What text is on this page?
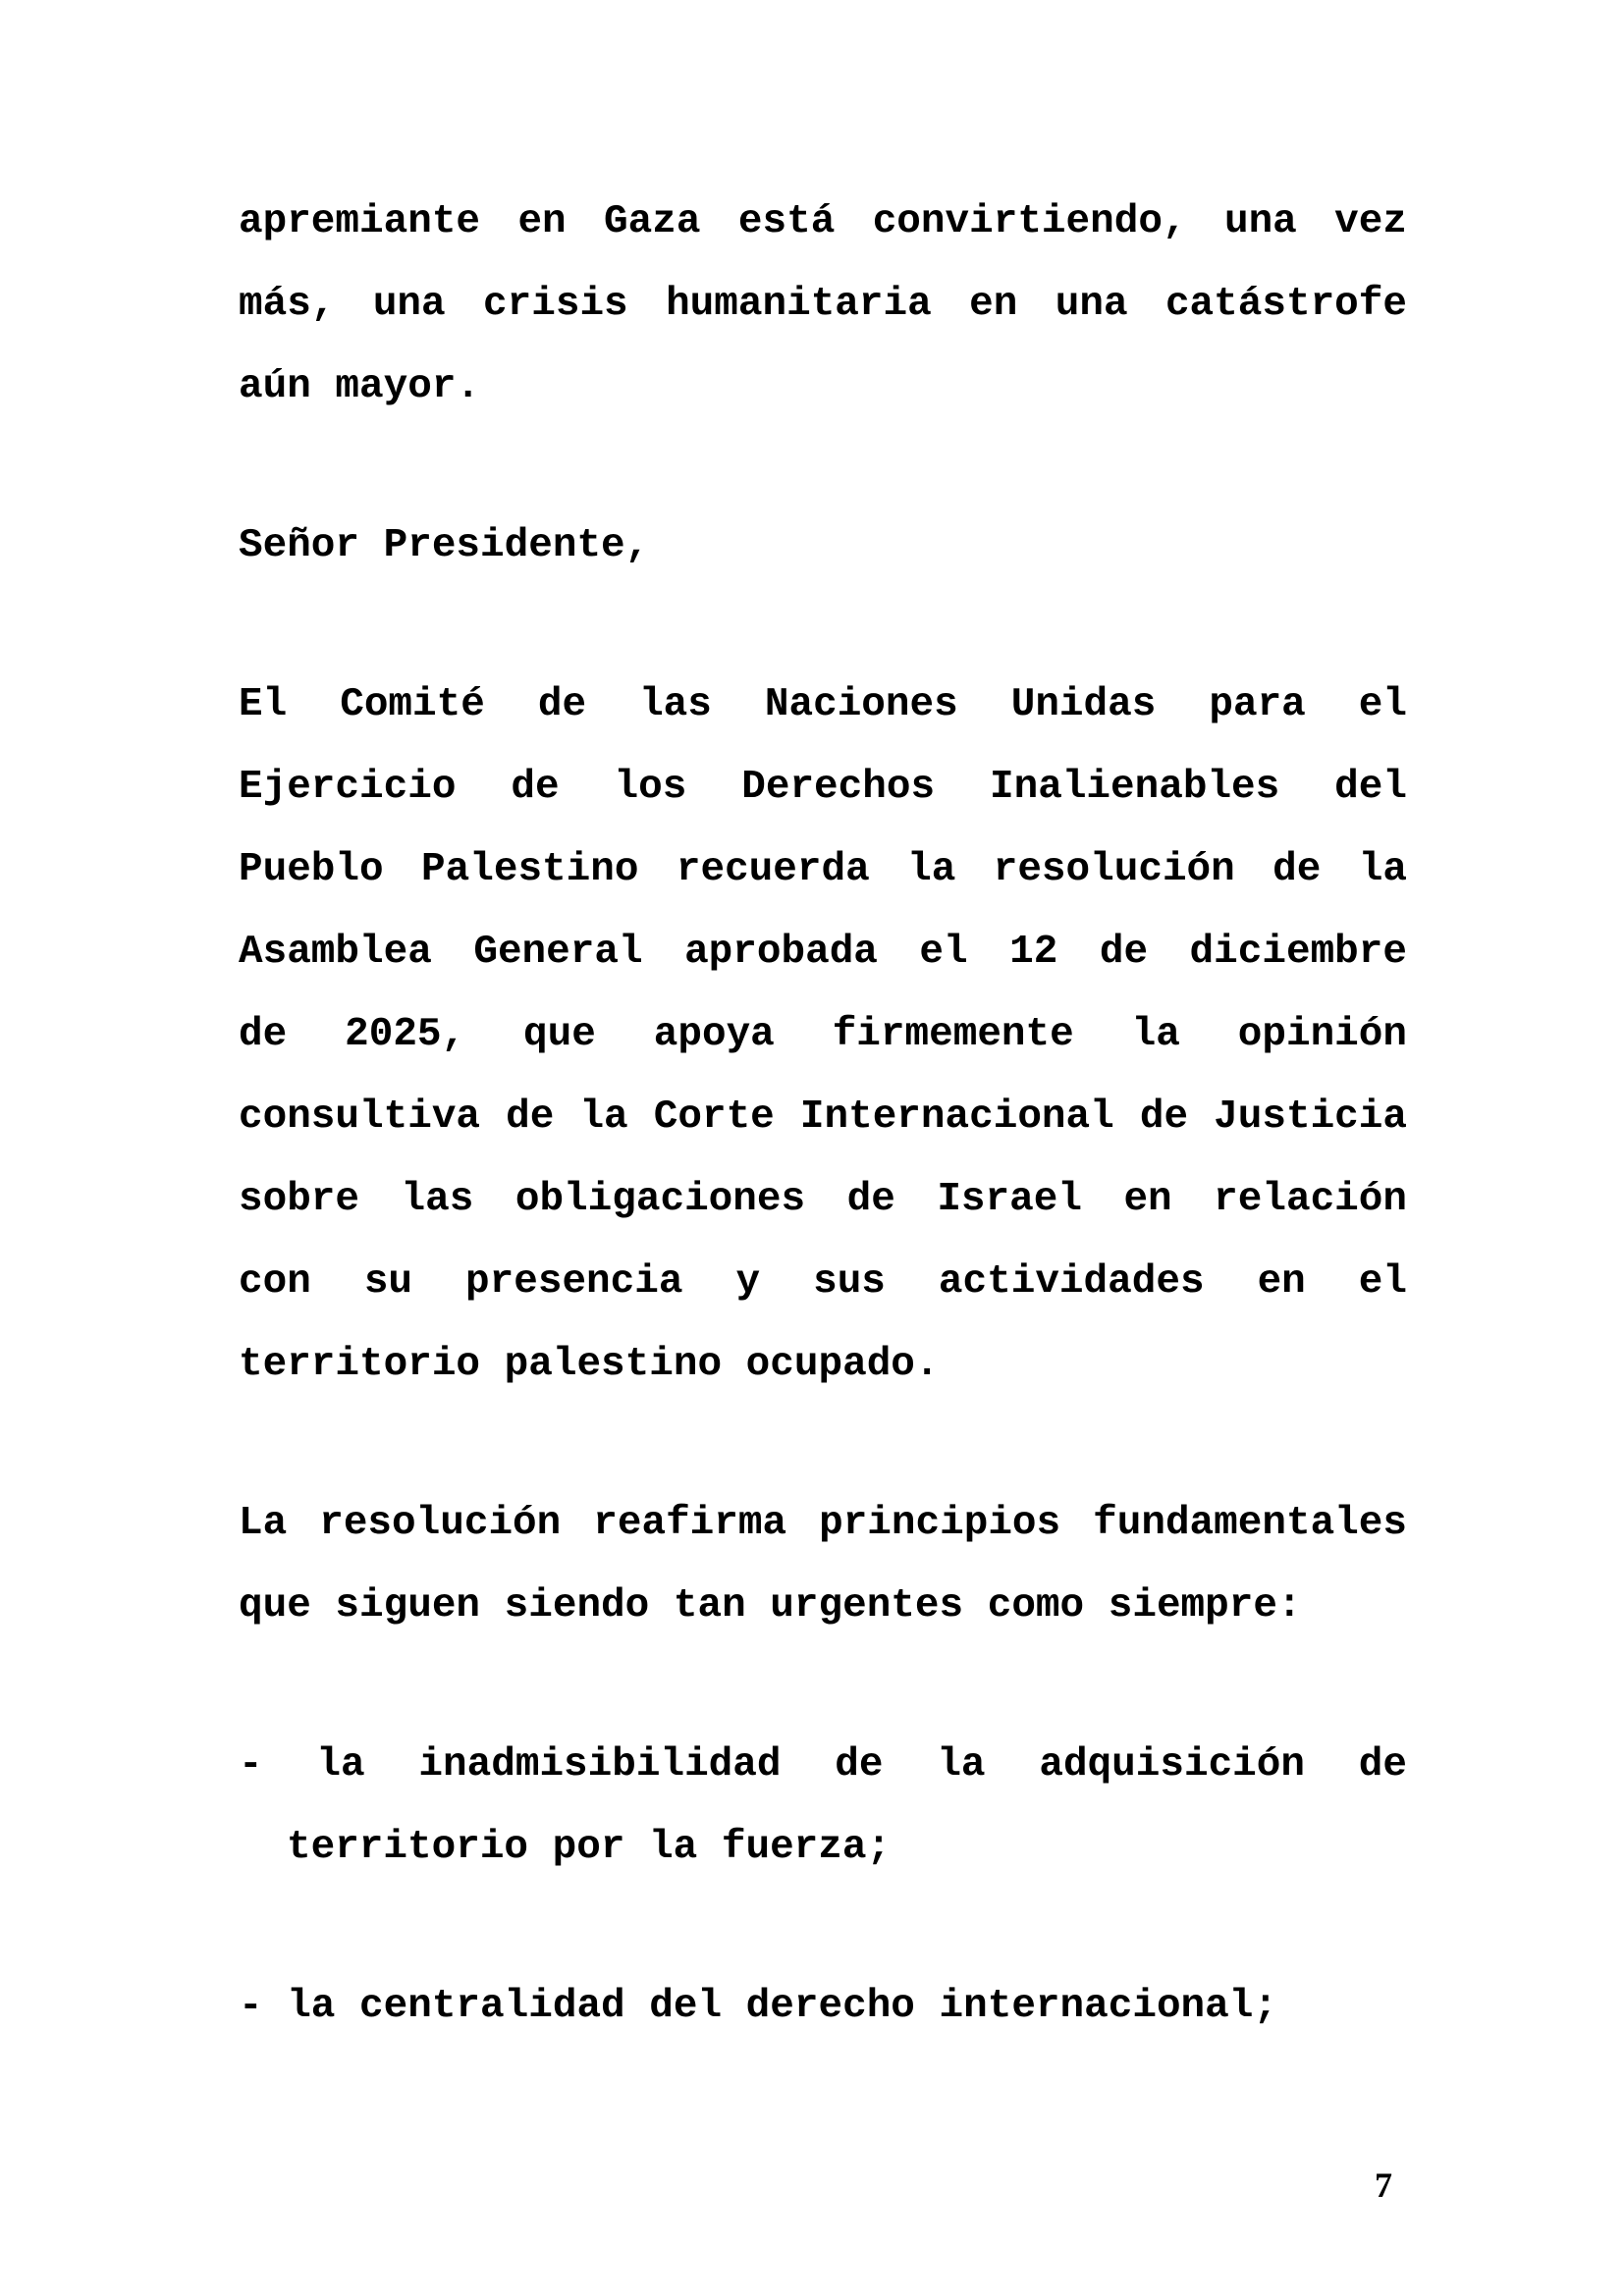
apremiante en Gaza está convirtiendo, una vez
más, una crisis humanitaria en una catástrofe
aún mayor.
Señor Presidente,
El Comité de las Naciones Unidas para el
Ejercicio de los Derechos Inalienables del
Pueblo Palestino recuerda la resolución de la
Asamblea General aprobada el 12 de diciembre
de 2025, que apoya firmemente la opinión
consultiva de la Corte Internacional de Justicia
sobre las obligaciones de Israel en relación
con su presencia y sus actividades en el
territorio palestino ocupado.
La resolución reafirma principios fundamentales
que siguen siendo tan urgentes como siempre:
- la inadmisibilidad de la adquisición de
territorio por la fuerza;
- la centralidad del derecho internacional;
7
